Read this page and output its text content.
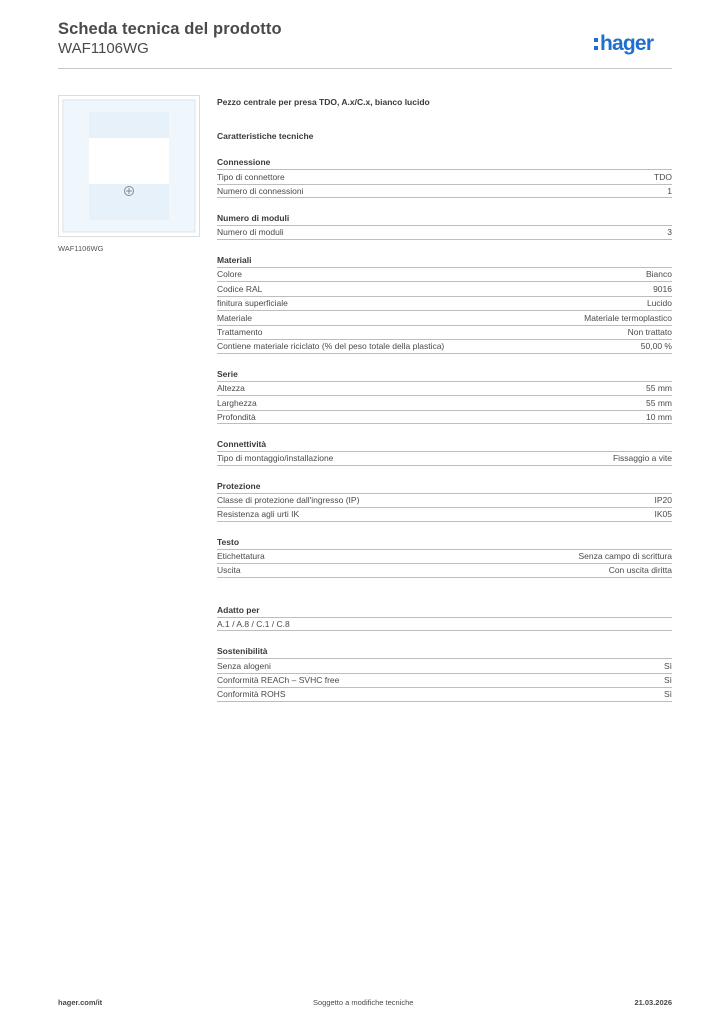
Scheda tecnica del prodotto
WAF1106WG	hager
WAF1106WG
Pezzo centrale per presa TDO, A.x/C.x, bianco lucido
Caratteristiche tecniche
Connessione
Tipo di connettore	TDO
Numero di connessioni	1
Numero di moduli
Numero di moduli	3
Materiali
Colore	Bianco
Codice RAL	9016
finitura superficiale	Lucido
Materiale	Materiale termoplastico
Trattamento	Non trattato
Contiene materiale riciclato (% del peso totale della plastica)	50,00 %
Serie
Altezza	55 mm
Larghezza	55 mm
Profondità	10 mm
Connettività
Tipo di montaggio/installazione	Fissaggio a vite
Protezione
Classe di protezione dall'ingresso (IP)	IP20
Resistenza agli urti IK	IK05
Testo
Etichettatura	Senza campo di scrittura
Uscita	Con uscita diritta
Adatto per
A.1 / A.8 / C.1 / C.8
Sostenibilità
Senza alogeni	Sì
Conformità REACh – SVHC free	Sì
Conformità ROHS	Sì
hager.com/it	Soggetto a modifiche tecniche	21.03.2026
